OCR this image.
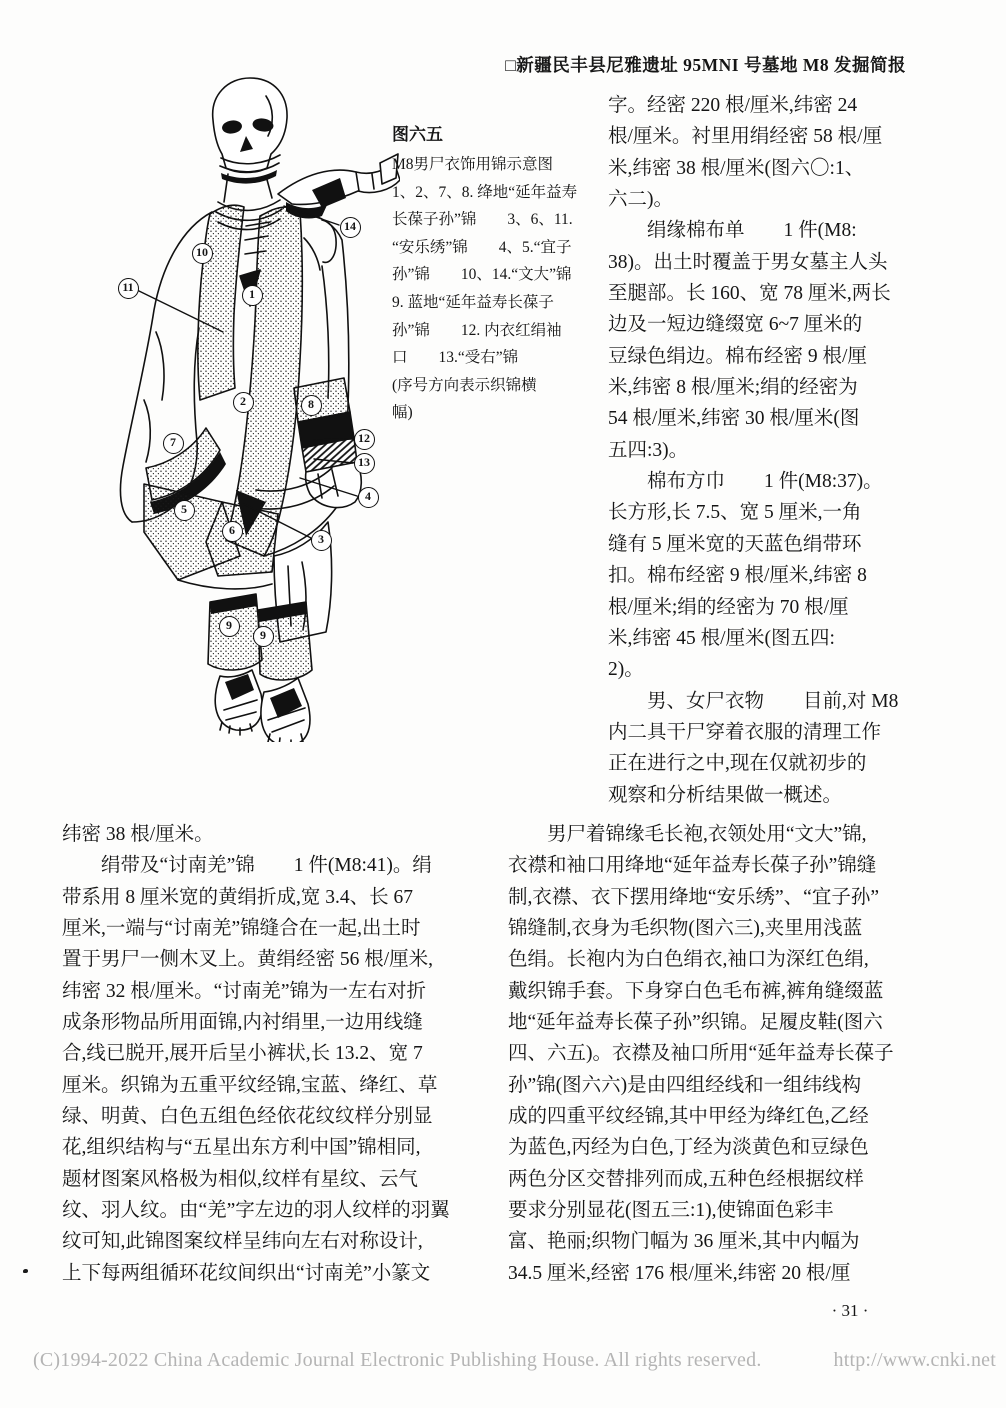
□新疆民丰县尼雅遗址 95MNI 号墓地 M8 发掘简报
1
2
3
4
5
6
7
8
9
9
10
11
12
13
14
图六五
M8男尸衣饰用锦示意图
1、2、7、8. 绛地“延年益寿
长葆子孙”锦　　3、6、11.
“安乐绣”锦　　4、5.“宜子
孙”锦　　10、14.“文大”锦
9. 蓝地“延年益寿长葆子
孙”锦　　12. 内衣红绢袖
口　　13.“受右”锦
(序号方向表示织锦横
幅)
字。经密 220 根/厘米,纬密 24
根/厘米。衬里用绢经密 58 根/厘
米,纬密 38 根/厘米(图六〇:1、
六二)。
　　绢缘棉布单　　1 件(M8:
38)。出土时覆盖于男女墓主人头
至腿部。长 160、宽 78 厘米,两长
边及一短边缝缀宽 6~7 厘米的
豆绿色绢边。棉布经密 9 根/厘
米,纬密 8 根/厘米;绢的经密为
54 根/厘米,纬密 30 根/厘米(图
五四:3)。
　　棉布方巾　　1 件(M8:37)。
长方形,长 7.5、宽 5 厘米,一角
缝有 5 厘米宽的天蓝色绢带环
扣。棉布经密 9 根/厘米,纬密 8
根/厘米;绢的经密为 70 根/厘
米,纬密 45 根/厘米(图五四:
2)。
　　男、女尸衣物　　目前,对 M8
内二具干尸穿着衣服的清理工作
正在进行之中,现在仅就初步的
观察和分析结果做一概述。
纬密 38 根/厘米。
　　绢带及“讨南羌”锦　　1 件(M8:41)。绢
带系用 8 厘米宽的黄绢折成,宽 3.4、长 67
厘米,一端与“讨南羌”锦缝合在一起,出土时
置于男尸一侧木叉上。黄绢经密 56 根/厘米,
纬密 32 根/厘米。“讨南羌”锦为一左右对折
成条形物品所用面锦,内衬绢里,一边用线缝
合,线已脱开,展开后呈小裤状,长 13.2、宽 7
厘米。织锦为五重平纹经锦,宝蓝、绛红、草
绿、明黄、白色五组色经依花纹纹样分别显
花,组织结构与“五星出东方利中国”锦相同,
题材图案风格极为相似,纹样有星纹、云气
纹、羽人纹。由“羌”字左边的羽人纹样的羽翼
纹可知,此锦图案纹样呈纬向左右对称设计,
上下每两组循环花纹间织出“讨南羌”小篆文
　　男尸着锦缘毛长袍,衣领处用“文大”锦,
衣襟和袖口用绛地“延年益寿长葆子孙”锦缝
制,衣襟、衣下摆用绛地“安乐绣”、“宜子孙”
锦缝制,衣身为毛织物(图六三),夹里用浅蓝
色绢。长袍内为白色绢衣,袖口为深红色绢,
戴织锦手套。下身穿白色毛布裤,裤角缝缀蓝
地“延年益寿长葆子孙”织锦。足履皮鞋(图六
四、六五)。衣襟及袖口所用“延年益寿长葆子
孙”锦(图六六)是由四组经线和一组纬线构
成的四重平纹经锦,其中甲经为绛红色,乙经
为蓝色,丙经为白色,丁经为淡黄色和豆绿色
两色分区交替排列而成,五种色经根据纹样
要求分别显花(图五三:1),使锦面色彩丰
富、艳丽;织物门幅为 36 厘米,其中内幅为
34.5 厘米,经密 176 根/厘米,纬密 20 根/厘
· 31 ·
(C)1994-2022 China Academic Journal Electronic Publishing House. All rights reserved.	http://www.cnki.net
